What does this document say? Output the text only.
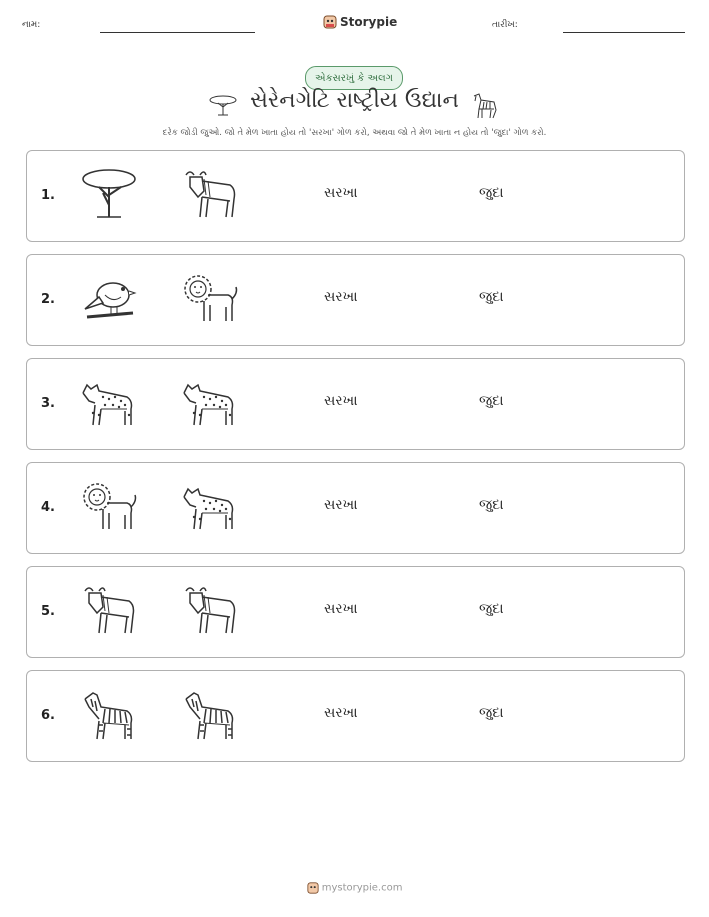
નામ:	Storypie	તારીખ:
એકસરખું કે અલગ
સેરેનગેટિ રાષ્ટ્રીય ઉદ્યાન
દરેક જોડી જુઓ. જો તે મેળ ખાતા હોય તો 'સરખા' ગોળ કરો, અથવા જો તે મેળ ખાતા ન હોય તો 'જુદા' ગોળ કરો.
1.	સરખા	જુદા
2.	સરખા	જુદા
3.	સરખા	જુદા
4.	સરખા	જુદા
5.	સરખા	જુદા
6.	સરખા	જુદા
mystorypie.com
